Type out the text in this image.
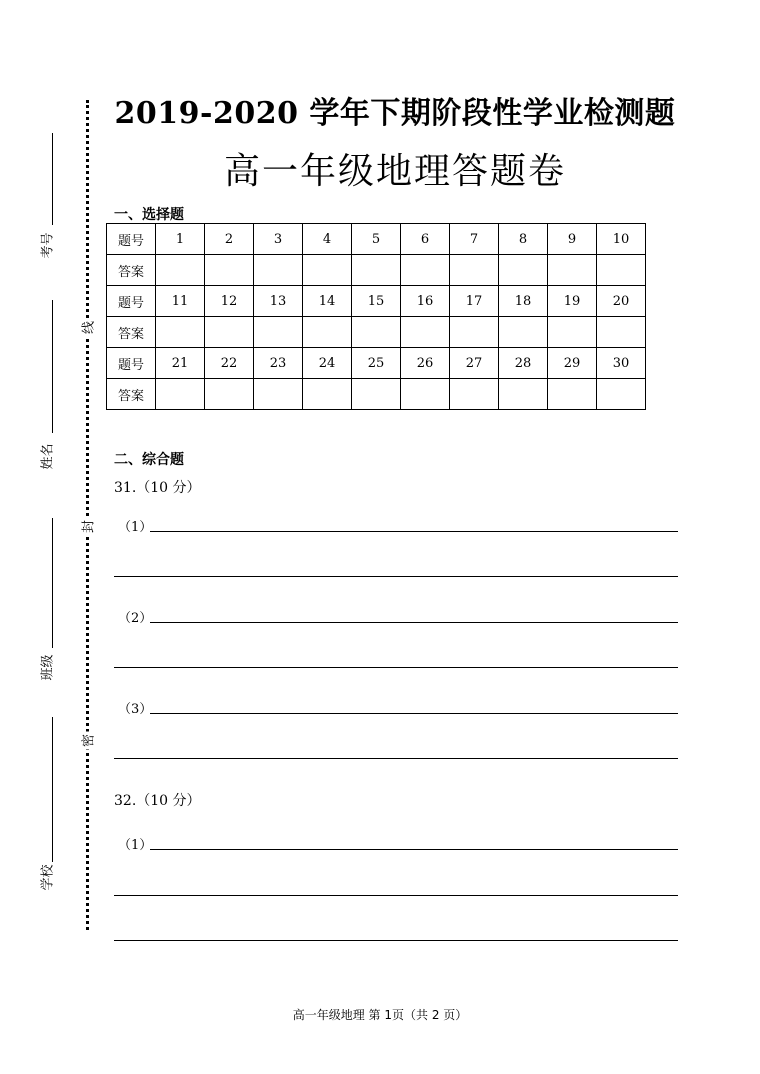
线
封
密
考号
姓名
班级
学校
2019-2020 学年下期阶段性学业检测题
高一年级地理答题卷
一、选择题
题号	1	2	3	4	5	6	7	8	9	10
答案										
题号	11	12	13	14	15	16	17	18	19	20
答案										
题号	21	22	23	24	25	26	27	28	29	30
答案										
二、综合题
31.（10 分）
（1）
（2）
（3）
32.（10 分）
（1）
高一年级地理 第 1页（共 2 页）
